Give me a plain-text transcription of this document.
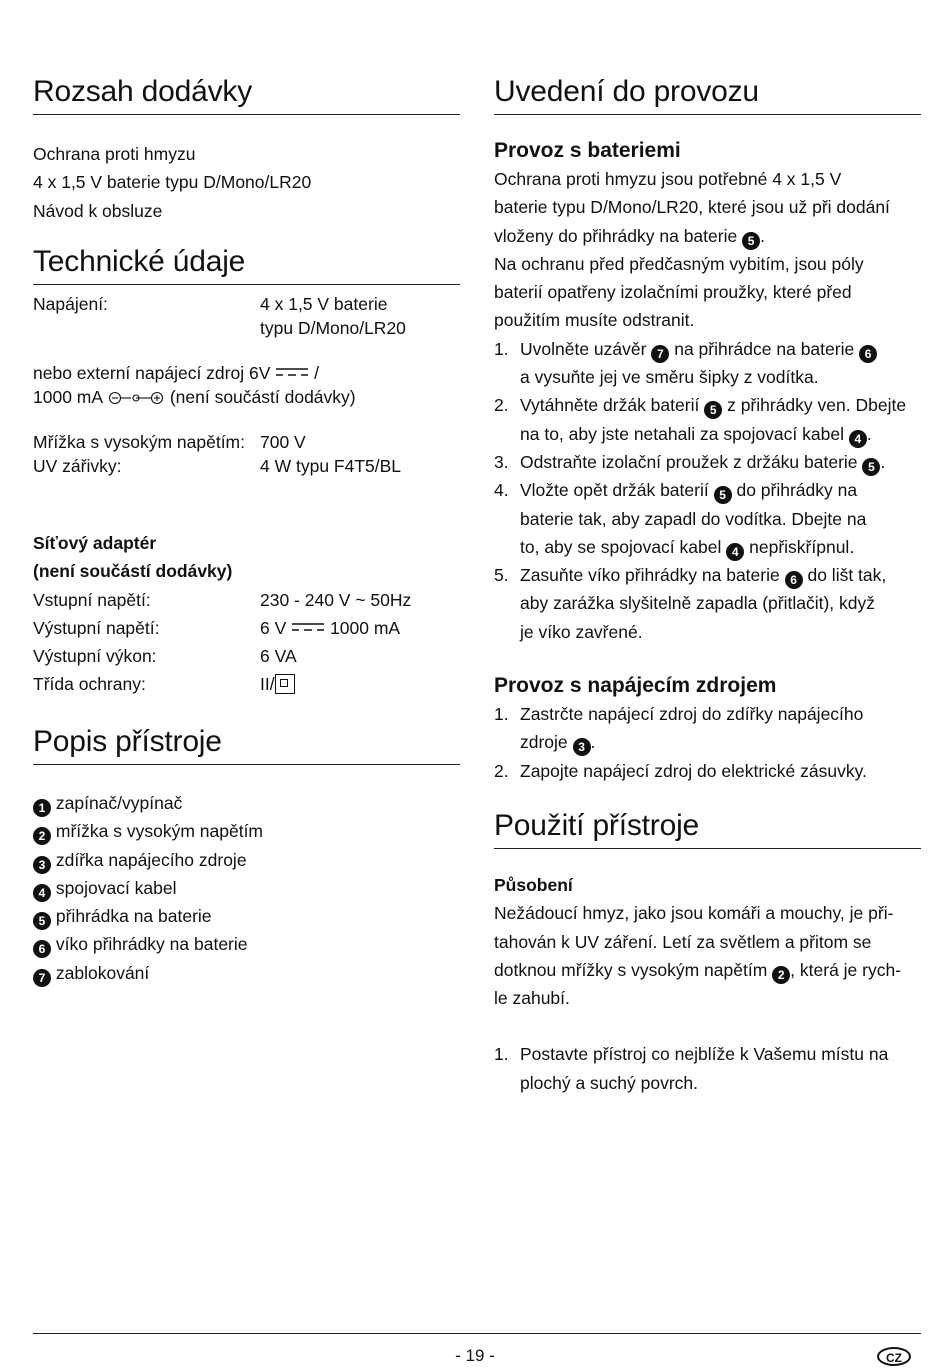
Rozsah dodávky

Ochrana proti hmyzu

4 x 1,5 V baterie typu D/Mono/LR20

Návod k obsluze

Technické údaje
Napájení:	4 x 1,5 V baterie
typu D/Mono/LR20
nebo externí napájecí zdroj 6V	/
1000 mA	(není součástí dodávky)
Mřížka s vysokým napětím: 700 V
UV zářivky:	4 W typu F4T5/BL

Síťový adaptér

(není součástí dodávky)

Vstupní napětí:	230 - 240 V ~ 50Hz
Výstupní napětí:	6 V	1000 mA
Výstupní výkon:	6 VA
Třída ochrany:	II/
Popis přístroje
1 zapínač/vypínač
2 mřížka s vysokým napětím
3 zdířka napájecího zdroje
4 spojovací kabel
5 přihrádka na baterie
6 víko přihrádky na baterie
7 zablokování
Uvedení do provozu
Provoz s bateriemi

Ochrana proti hmyzu jsou potřebné 4 x 1,5 V

baterie typu D/Mono/LR20, které jsou už při dodání

vloženy do přihrádky na baterie 5 .

Na ochranu před předčasným vybitím, jsou póly

baterií opatřeny izolačními proužky, které před

použitím musíte odstranit.

1. Uvolněte uzávěr 7 na přihrádce na baterie 6
a vysuňte jej ve směru šipky z vodítka.
2. Vytáhněte držák baterií 5 z přihrádky ven. Dbejte
na to, aby jste netahali za spojovací kabel 4 .
3. Odstraňte izolační proužek z držáku baterie 5 .
4. Vložte opět držák baterií 5 do přihrádky na
baterie tak, aby zapadl do vodítka. Dbejte na
to, aby se spojovací kabel 4 nepřiskřípnul.
5. Zasuňte víko přihrádky na baterie 6 do lišt tak,
aby zarážka slyšitelně zapadla (přitlačit), když
je víko zavřené.
Provoz s napájecím zdrojem
1. Zastrčte napájecí zdroj do zdířky napájecího
zdroje 3 .
2. Zapojte napájecí zdroj do elektrické zásuvky.
Použití přístroje

Působení

Nežádoucí hmyz, jako jsou komáři a mouchy, je při-

tahován k UV záření. Letí za světlem a přitom se

dotknou mřížky s vysokým napětím 2 , která je rych-

le zahubí.

1. Postavte přístroj co nejblíže k Vašemu místu na
plochý a suchý povrch.
- 19 -	CZ
